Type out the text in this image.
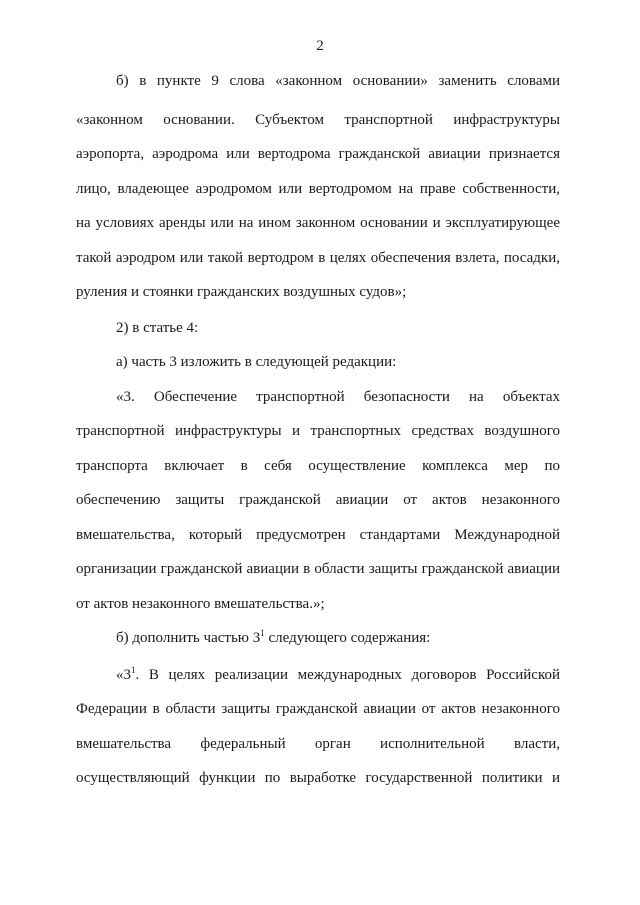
2
б) в пункте 9 слова «законном основании» заменить словами
«законном основании. Субъектом транспортной инфраструктуры
аэропорта, аэродрома или вертодрома гражданской авиации признается
лицо, владеющее аэродромом или вертодромом на праве собственности,
на условиях аренды или на ином законном основании и эксплуатирующее
такой аэродром или такой вертодром в целях обеспечения взлета, посадки,
руления и стоянки гражданских воздушных судов»;
2) в статье 4:
а) часть 3 изложить в следующей редакции:
«3. Обеспечение транспортной безопасности на объектах
транспортной инфраструктуры и транспортных средствах воздушного
транспорта включает в себя осуществление комплекса мер по
обеспечению защиты гражданской авиации от актов незаконного
вмешательства, который предусмотрен стандартами Международной
организации гражданской авиации в области защиты гражданской авиации
от актов незаконного вмешательства.»;
б) дополнить частью $3^1$ следующего содержания:
«$3^1$. В целях реализации международных договоров Российской
Федерации в области защиты гражданской авиации от актов незаконного
вмешательства федеральный орган исполнительной власти,
осуществляющий функции по выработке государственной политики и
